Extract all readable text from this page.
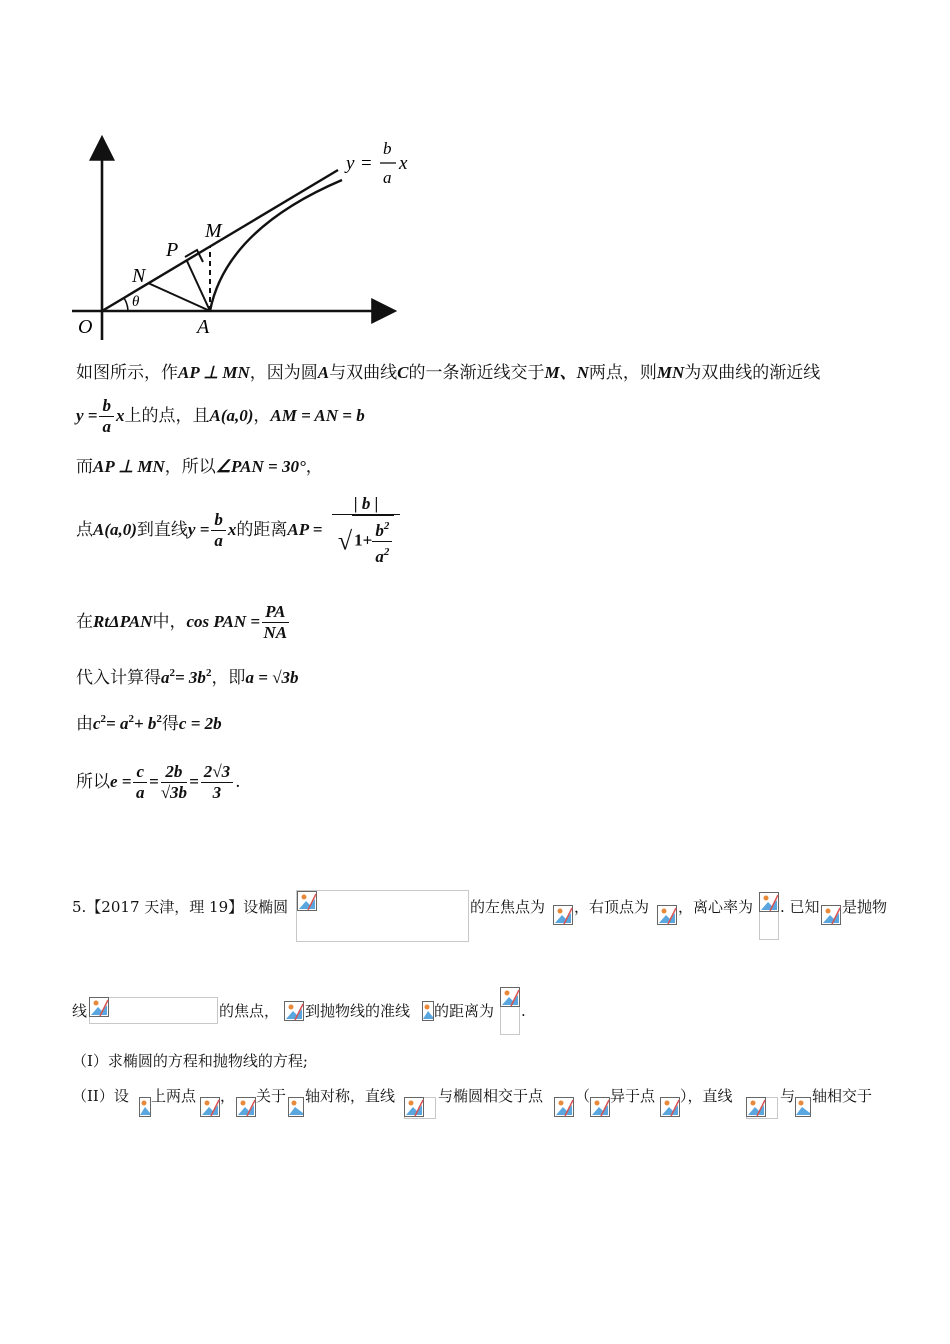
O	A
N
P
M
θ
y =
b
a
x
如图所示，作AP ⊥ MN，因为圆A与双曲线C的一条渐近线交于M、N两点，则MN为双曲线的渐近线
$y = \frac{b}{a}$ x上的点，且A(a,0)，AM = AN = b
而AP ⊥ MN，所以∠PAN = 30°，
点A(a,0)到直线$y = \frac{b}{a}$ x的距离AP = $\frac{| b |}{√ 1+ \frac{b^2}{a^2}}$
在RtΔPAN中，cos PAN = $\frac{PA}{NA}$
代入计算得$a^2= 3b^2$，即a = √3b
由$c^2= a^2+ b^2$得c = 2b
所以$e = \frac{c}{a} = \frac{2b}{√3b} = \frac{2√3}{3}$ .
5.【2017 天津，理 19】设椭圆	的左焦点为 ，右顶点为 ，离心率为 . 已知 是抛物
线	的焦点， 到抛物线的准线 的距离为 .
（I）求椭圆的方程和抛物线的方程;
（II）设 上两点 ， 关于 轴对称，直线	与椭圆相交于点 （ 异于点 ），直线	与 轴相交于
